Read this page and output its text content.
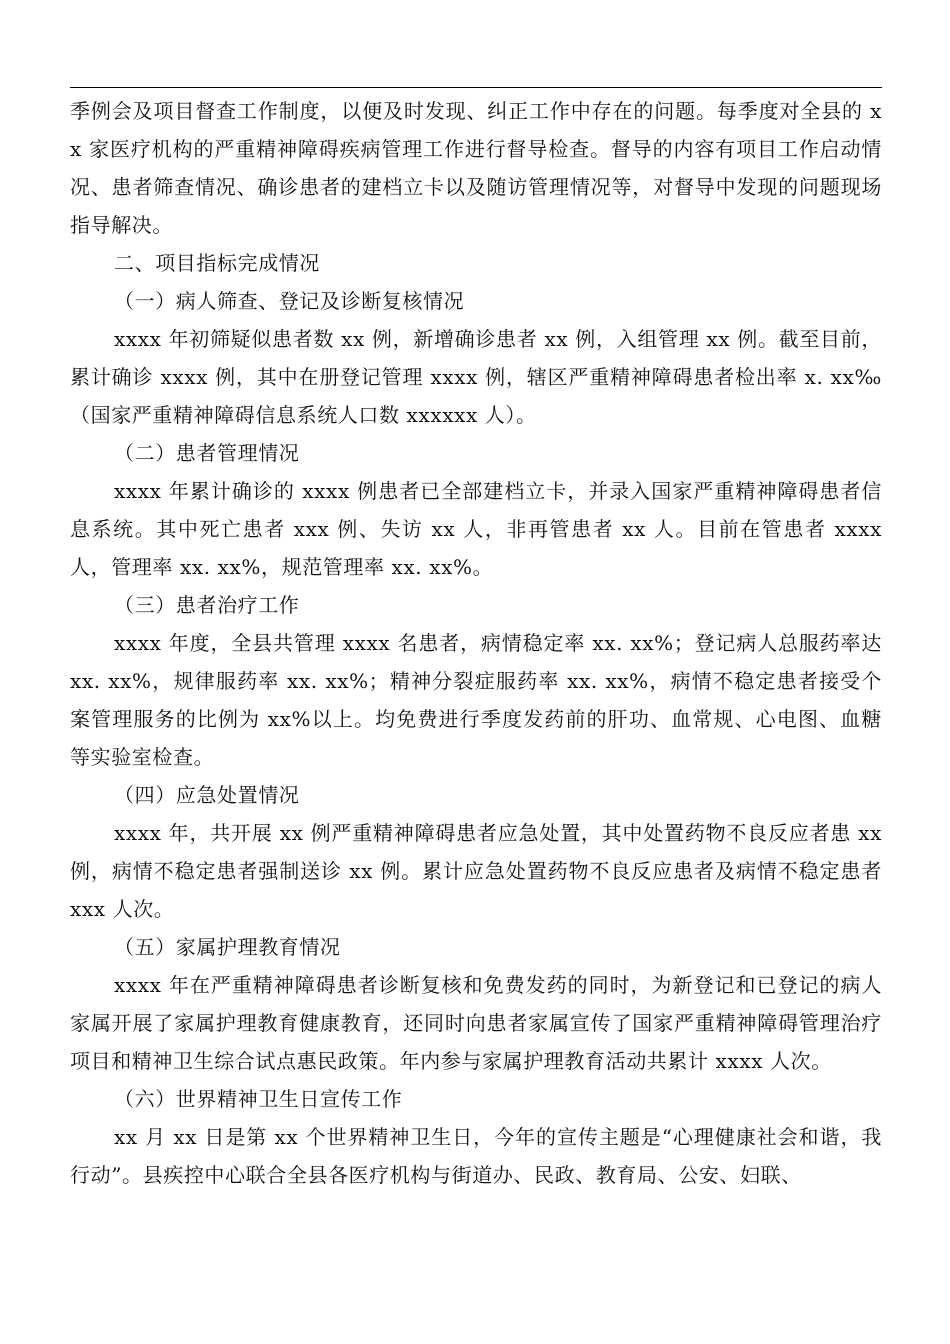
季例会及项目督查工作制度，以便及时发现、纠正工作中存在的问题。每季度对全县的 xx 家医疗机构的严重精神障碍疾病管理工作进行督导检查。督导的内容有项目工作启动情况、患者筛查情况、确诊患者的建档立卡以及随访管理情况等，对督导中发现的问题现场指导解决。

二、项目指标完成情况

（一）病人筛查、登记及诊断复核情况

xxxx 年初筛疑似患者数 xx 例，新增确诊患者 xx 例，入组管理 xx 例。截至目前，累计确诊 xxxx 例，其中在册登记管理 xxxx 例，辖区严重精神障碍患者检出率 x. xx‰（国家严重精神障碍信息系统人口数 xxxxxx 人）。

（二）患者管理情况

xxxx 年累计确诊的 xxxx 例患者已全部建档立卡，并录入国家严重精神障碍患者信息系统。其中死亡患者 xxx 例、失访 xx 人，非再管患者 xx 人。目前在管患者 xxxx 人，管理率 xx. xx%，规范管理率 xx. xx%。

（三）患者治疗工作

xxxx 年度，全县共管理 xxxx 名患者，病情稳定率 xx. xx%；登记病人总服药率达 xx. xx%，规律服药率 xx. xx%；精神分裂症服药率 xx. xx%，病情不稳定患者接受个案管理服务的比例为 xx%以上。均免费进行季度发药前的肝功、血常规、心电图、血糖等实验室检查。

（四）应急处置情况

xxxx 年，共开展 xx 例严重精神障碍患者应急处置，其中处置药物不良反应者患 xx 例，病情不稳定患者强制送诊 xx 例。累计应急处置药物不良反应患者及病情不稳定患者 xxx 人次。

（五）家属护理教育情况

xxxx 年在严重精神障碍患者诊断复核和免费发药的同时，为新登记和已登记的病人家属开展了家属护理教育健康教育，还同时向患者家属宣传了国家严重精神障碍管理治疗项目和精神卫生综合试点惠民政策。年内参与家属护理教育活动共累计 xxxx 人次。

（六）世界精神卫生日宣传工作

xx 月 xx 日是第 xx 个世界精神卫生日，今年的宣传主题是“心理健康社会和谐，我行动”。县疾控中心联合全县各医疗机构与街道办、民政、教育局、公安、妇联、
